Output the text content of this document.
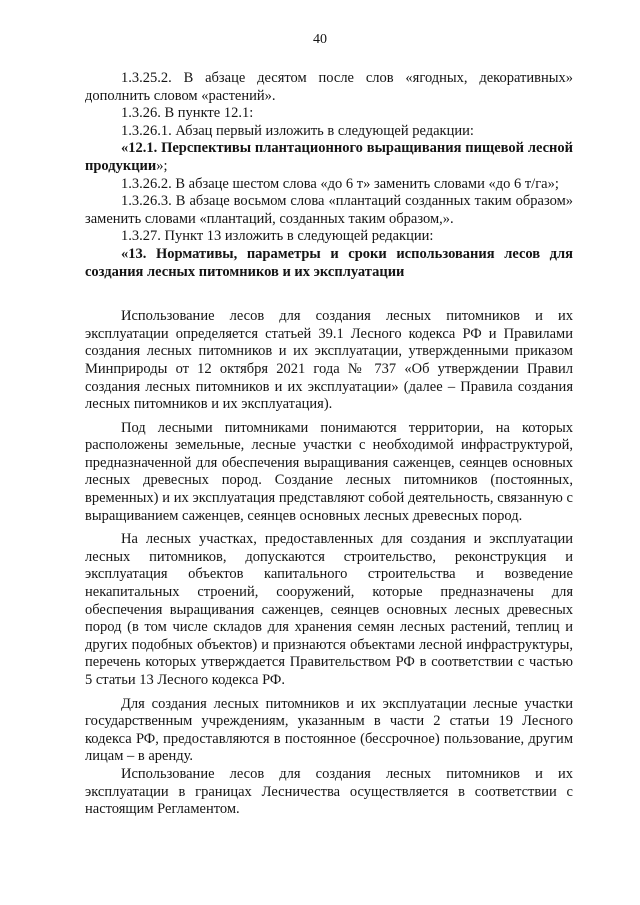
40

1.3.25.2. В абзаце десятом после слов «ягодных, декоративных» дополнить словом «растений».

1.3.26. В пункте 12.1:

1.3.26.1. Абзац первый изложить в следующей редакции:

«12.1. Перспективы плантационного выращивания пищевой лесной продукции»;

1.3.26.2. В абзаце шестом слова «до 6 т» заменить словами «до 6 т/га»;

1.3.26.3. В абзаце восьмом слова «плантаций созданных таким образом» заменить словами «плантаций, созданных таким образом,».

1.3.27. Пункт 13 изложить в следующей редакции:

«13. Нормативы, параметры и сроки использования лесов для создания лесных питомников и их эксплуатации

Использование лесов для создания лесных питомников и их эксплуатации определяется статьей 39.1 Лесного кодекса РФ и Правилами создания лесных питомников и их эксплуатации, утвержденными приказом Минприроды от 12 октября 2021 года № 737 «Об утверждении Правил создания лесных питомников и их эксплуатации» (далее – Правила создания лесных питомников и их эксплуатация).

Под лесными питомниками понимаются территории, на которых расположены земельные, лесные участки с необходимой инфраструктурой, предназначенной для обеспечения выращивания саженцев, сеянцев основных лесных древесных пород. Создание лесных питомников (постоянных, временных) и их эксплуатация представляют собой деятельность, связанную с выращиванием саженцев, сеянцев основных лесных древесных пород.

На лесных участках, предоставленных для создания и эксплуатации лесных питомников, допускаются строительство, реконструкция и эксплуатация объектов капитального строительства и возведение некапитальных строений, сооружений, которые предназначены для обеспечения выращивания саженцев, сеянцев основных лесных древесных пород (в том числе складов для хранения семян лесных растений, теплиц и других подобных объектов) и признаются объектами лесной инфраструктуры, перечень которых утверждается Правительством РФ в соответствии с частью 5 статьи 13 Лесного кодекса РФ.

Для создания лесных питомников и их эксплуатации лесные участки государственным учреждениям, указанным в части 2 статьи 19 Лесного кодекса РФ, предоставляются в постоянное (бессрочное) пользование, другим лицам – в аренду.

Использование лесов для создания лесных питомников и их эксплуатации в границах Лесничества осуществляется в соответствии с настоящим Регламентом.
